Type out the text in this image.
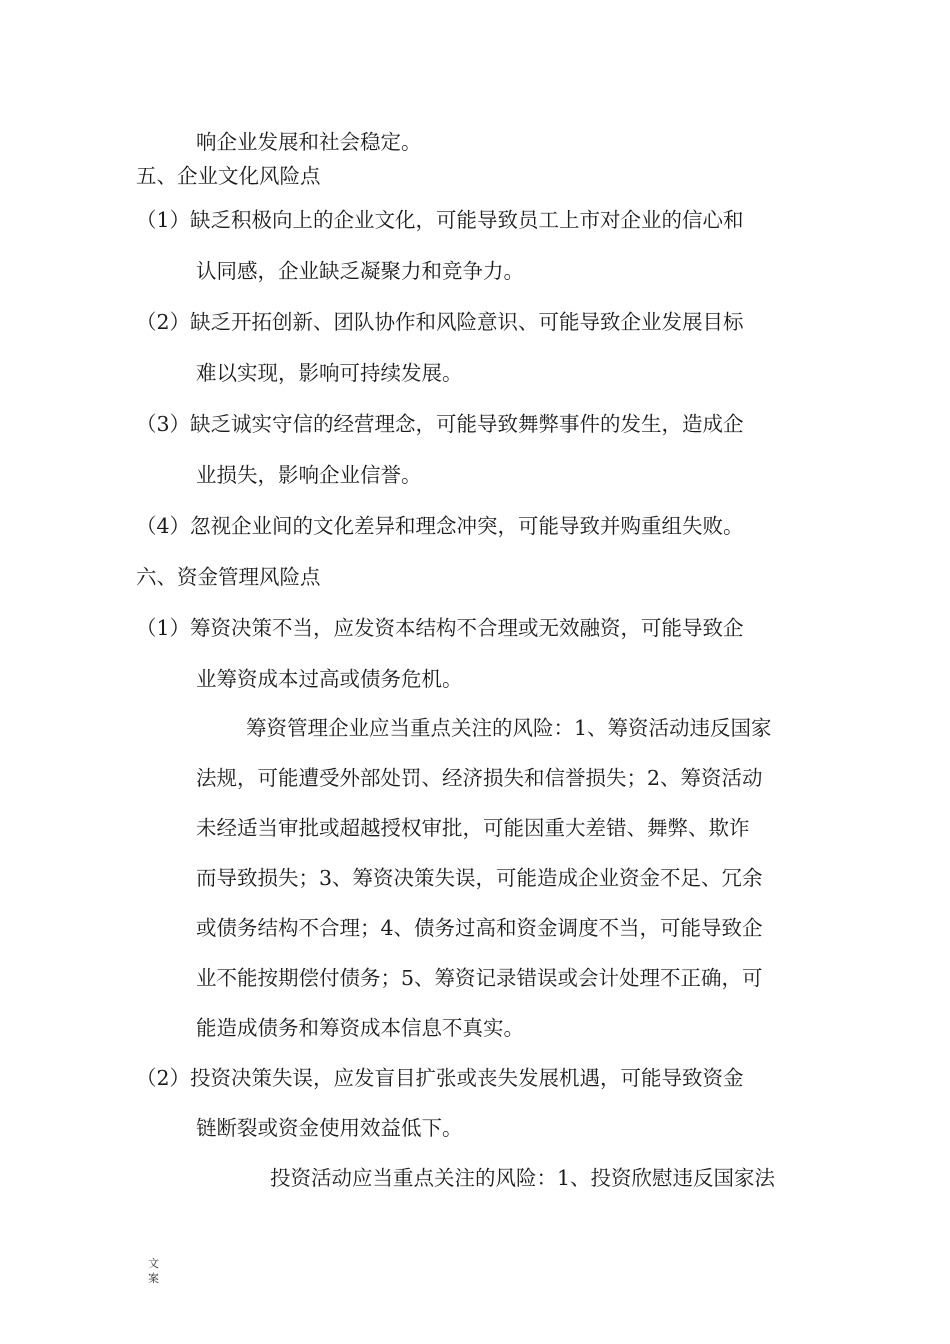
响企业发展和社会稳定。

五、企业文化风险点

（1）缺乏积极向上的企业文化，可能导致员工上市对企业的信心和

认同感，企业缺乏凝聚力和竞争力。

（2）缺乏开拓创新、团队协作和风险意识、可能导致企业发展目标

难以实现，影响可持续发展。

（3）缺乏诚实守信的经营理念，可能导致舞弊事件的发生，造成企

业损失，影响企业信誉。

（4）忽视企业间的文化差异和理念冲突，可能导致并购重组失败。

六、资金管理风险点

（1）筹资决策不当，应发资本结构不合理或无效融资，可能导致企

业筹资成本过高或债务危机。

筹资管理企业应当重点关注的风险：1、筹资活动违反国家

法规，可能遭受外部处罚、经济损失和信誉损失；2、筹资活动

未经适当审批或超越授权审批，可能因重大差错、舞弊、欺诈

而导致损失；3、筹资决策失误，可能造成企业资金不足、冗余

或债务结构不合理；4、债务过高和资金调度不当，可能导致企

业不能按期偿付债务；5、筹资记录错误或会计处理不正确，可

能造成债务和筹资成本信息不真实。

（2）投资决策失误，应发盲目扩张或丧失发展机遇，可能导致资金

链断裂或资金使用效益低下。

投资活动应当重点关注的风险：1、投资欣慰违反国家法

文
案
